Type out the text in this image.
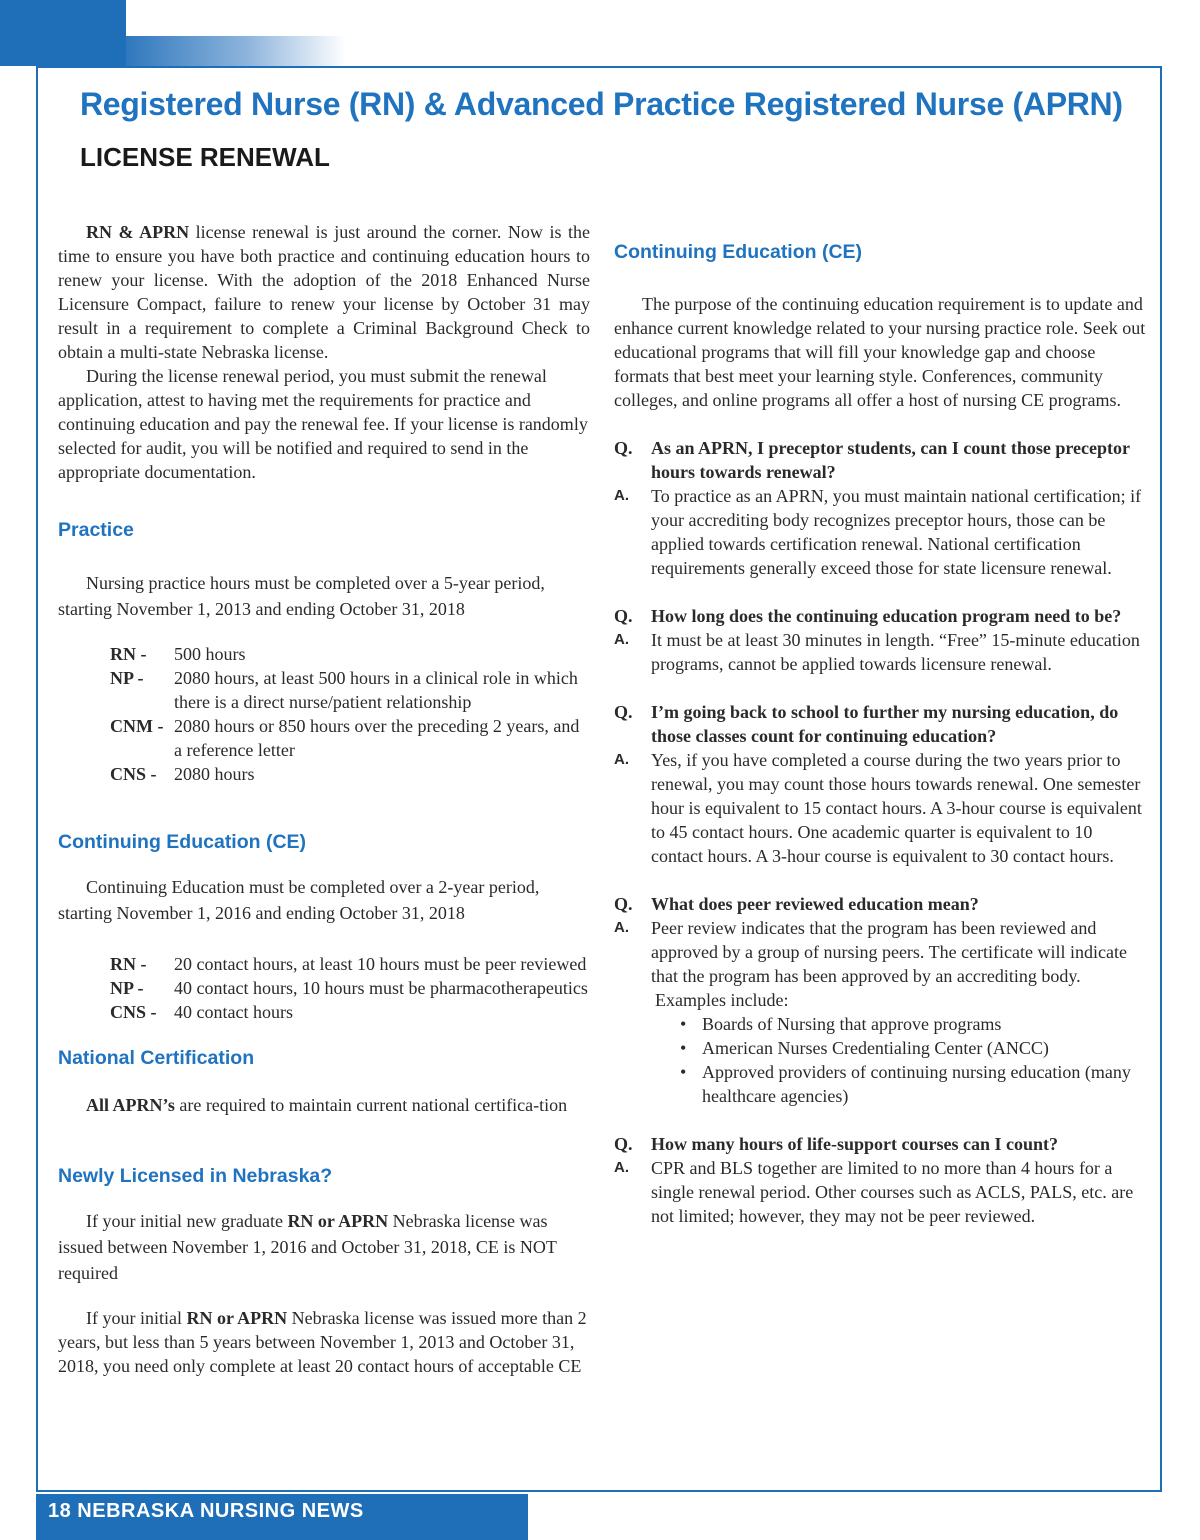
Registered Nurse (RN) & Advanced Practice Registered Nurse (APRN)
LICENSE RENEWAL

RN & APRN license renewal is just around the corner. Now is the time to ensure you have both practice and continuing education hours to renew your license. With the adoption of the 2018 Enhanced Nurse Licensure Compact, failure to renew your license by October 31 may result in a requirement to complete a Criminal Background Check to obtain a multi-state Nebraska license.

During the license renewal period, you must submit the renewal application, attest to having met the requirements for practice and continuing education and pay the renewal fee. If your license is randomly selected for audit, you will be notified and required to send in the appropriate documentation.

Practice

Nursing practice hours must be completed over a 5-year period, starting November 1, 2013 and ending October 31, 2018

RN -	500 hours
NP -	2080 hours, at least 500 hours in a clinical role in which there is a direct nurse/patient relationship
CNM - 2080 hours or 850 hours over the preceding 2 years, and a reference letter
CNS - 2080 hours
Continuing Education (CE)

Continuing Education must be completed over a 2-year period, starting November 1, 2016 and ending October 31, 2018

RN -	20 contact hours, at least 10 hours must be peer reviewed
NP -	40 contact hours, 10 hours must be pharmacotherapeutics
CNS - 40 contact hours
National Certification

All APRN’s are required to maintain current national certifica-tion

Newly Licensed in Nebraska?

If your initial new graduate RN or APRN Nebraska license was issued between November 1, 2016 and October 31, 2018, CE is NOT required

If your initial RN or APRN Nebraska license was issued more than 2 years, but less than 5 years between November 1, 2013 and October 31, 2018, you need only complete at least 20 contact hours of acceptable CE

Continuing Education (CE)

The purpose of the continuing education requirement is to update and enhance current knowledge related to your nursing practice role. Seek out educational programs that will fill your knowledge gap and choose formats that best meet your learning style. Conferences, community colleges, and online programs all offer a host of nursing CE programs.

Q.	As an APRN, I preceptor students, can I count those preceptor hours towards renewal?
A.	To practice as an APRN, you must maintain national certification; if your accrediting body recognizes preceptor hours, those can be applied towards certification renewal. National certification requirements generally exceed those for state licensure renewal.
Q.	How long does the continuing education program need to be?
A.	It must be at least 30 minutes in length. “Free” 15-minute education programs, cannot be applied towards licensure renewal.
Q.	I’m going back to school to further my nursing education, do those classes count for continuing education?
A.	Yes, if you have completed a course during the two years prior to renewal, you may count those hours towards renewal. One semester hour is equivalent to 15 contact hours. A 3-hour course is equivalent to 45 contact hours. One academic quarter is equivalent to 10 contact hours. A 3-hour course is equivalent to 30 contact hours.
Q.	What does peer reviewed education mean?
A.	Peer review indicates that the program has been reviewed and approved by a group of nursing peers. The certificate will indicate that the program has been approved by an accrediting body.
Examples include:
• Boards of Nursing that approve programs
• American Nurses Credentialing Center (ANCC)
• Approved providers of continuing nursing education (many healthcare agencies)
Q.	How many hours of life-support courses can I count?
A.	CPR and BLS together are limited to no more than 4 hours for a single renewal period. Other courses such as ACLS, PALS, etc. are not limited; however, they may not be peer reviewed.
18 NEBRASKA NURSING NEWS
